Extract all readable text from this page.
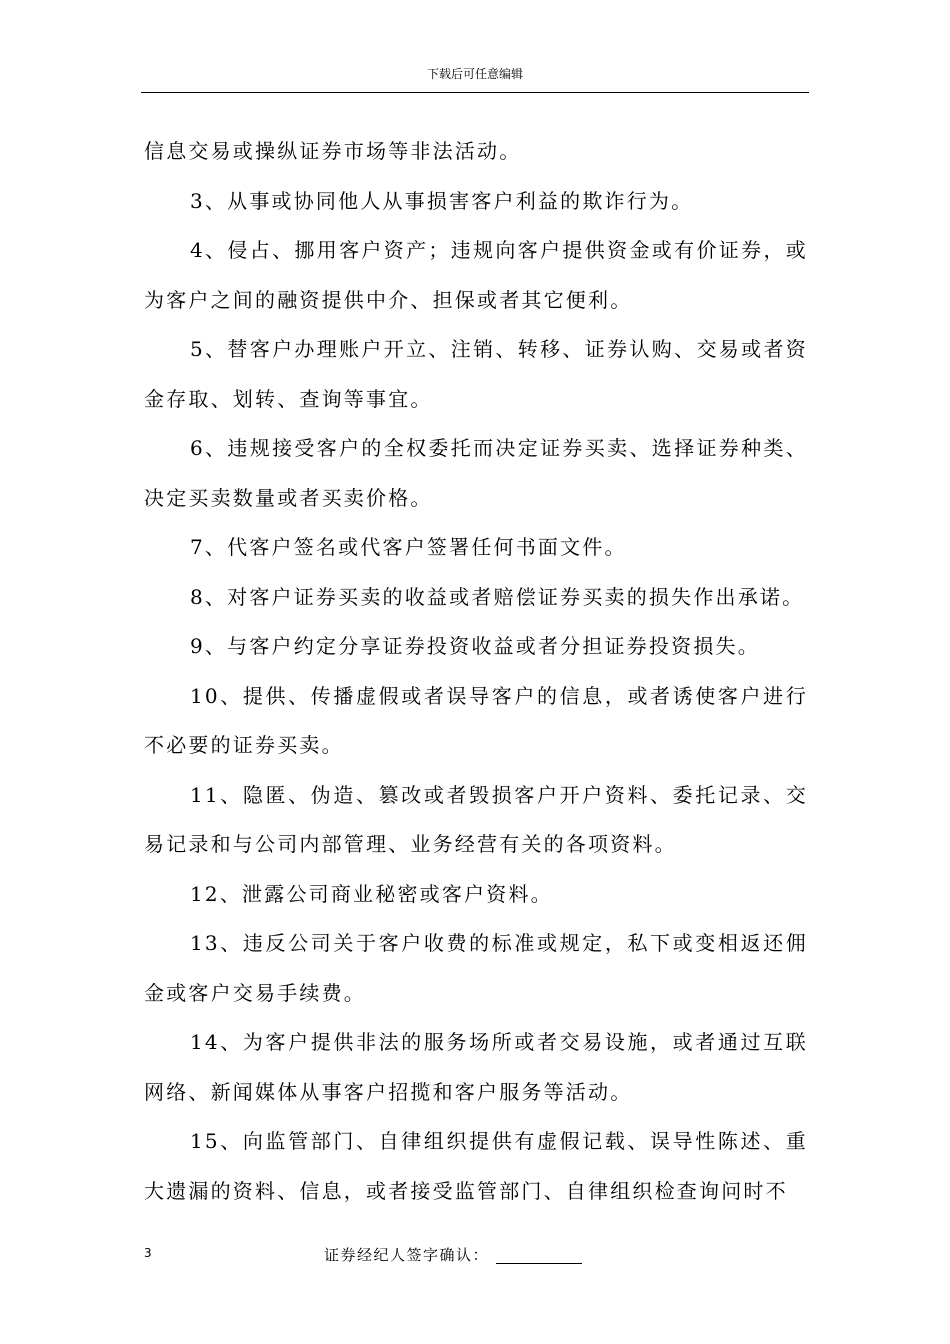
下载后可任意编辑

信息交易或操纵证券市场等非法活动。

3、从事或协同他人从事损害客户利益的欺诈行为。

4、侵占、挪用客户资产；违规向客户提供资金或有价证券，或为客户之间的融资提供中介、担保或者其它便利。

5、替客户办理账户开立、注销、转移、证券认购、交易或者资金存取、划转、查询等事宜。

6、违规接受客户的全权委托而决定证券买卖、选择证券种类、决定买卖数量或者买卖价格。

7、代客户签名或代客户签署任何书面文件。

8、对客户证券买卖的收益或者赔偿证券买卖的损失作出承诺。

9、与客户约定分享证券投资收益或者分担证券投资损失。

10、提供、传播虚假或者误导客户的信息，或者诱使客户进行不必要的证券买卖。

11、隐匿、伪造、篡改或者毁损客户开户资料、委托记录、交易记录和与公司内部管理、业务经营有关的各项资料。

12、泄露公司商业秘密或客户资料。

13、违反公司关于客户收费的标准或规定，私下或变相返还佣金或客户交易手续费。

14、为客户提供非法的服务场所或者交易设施，或者通过互联网络、新闻媒体从事客户招揽和客户服务等活动。

15、向监管部门、自律组织提供有虚假记载、误导性陈述、重大遗漏的资料、信息，或者接受监管部门、自律组织检查询问时不

3	证券经纪人签字确认：
